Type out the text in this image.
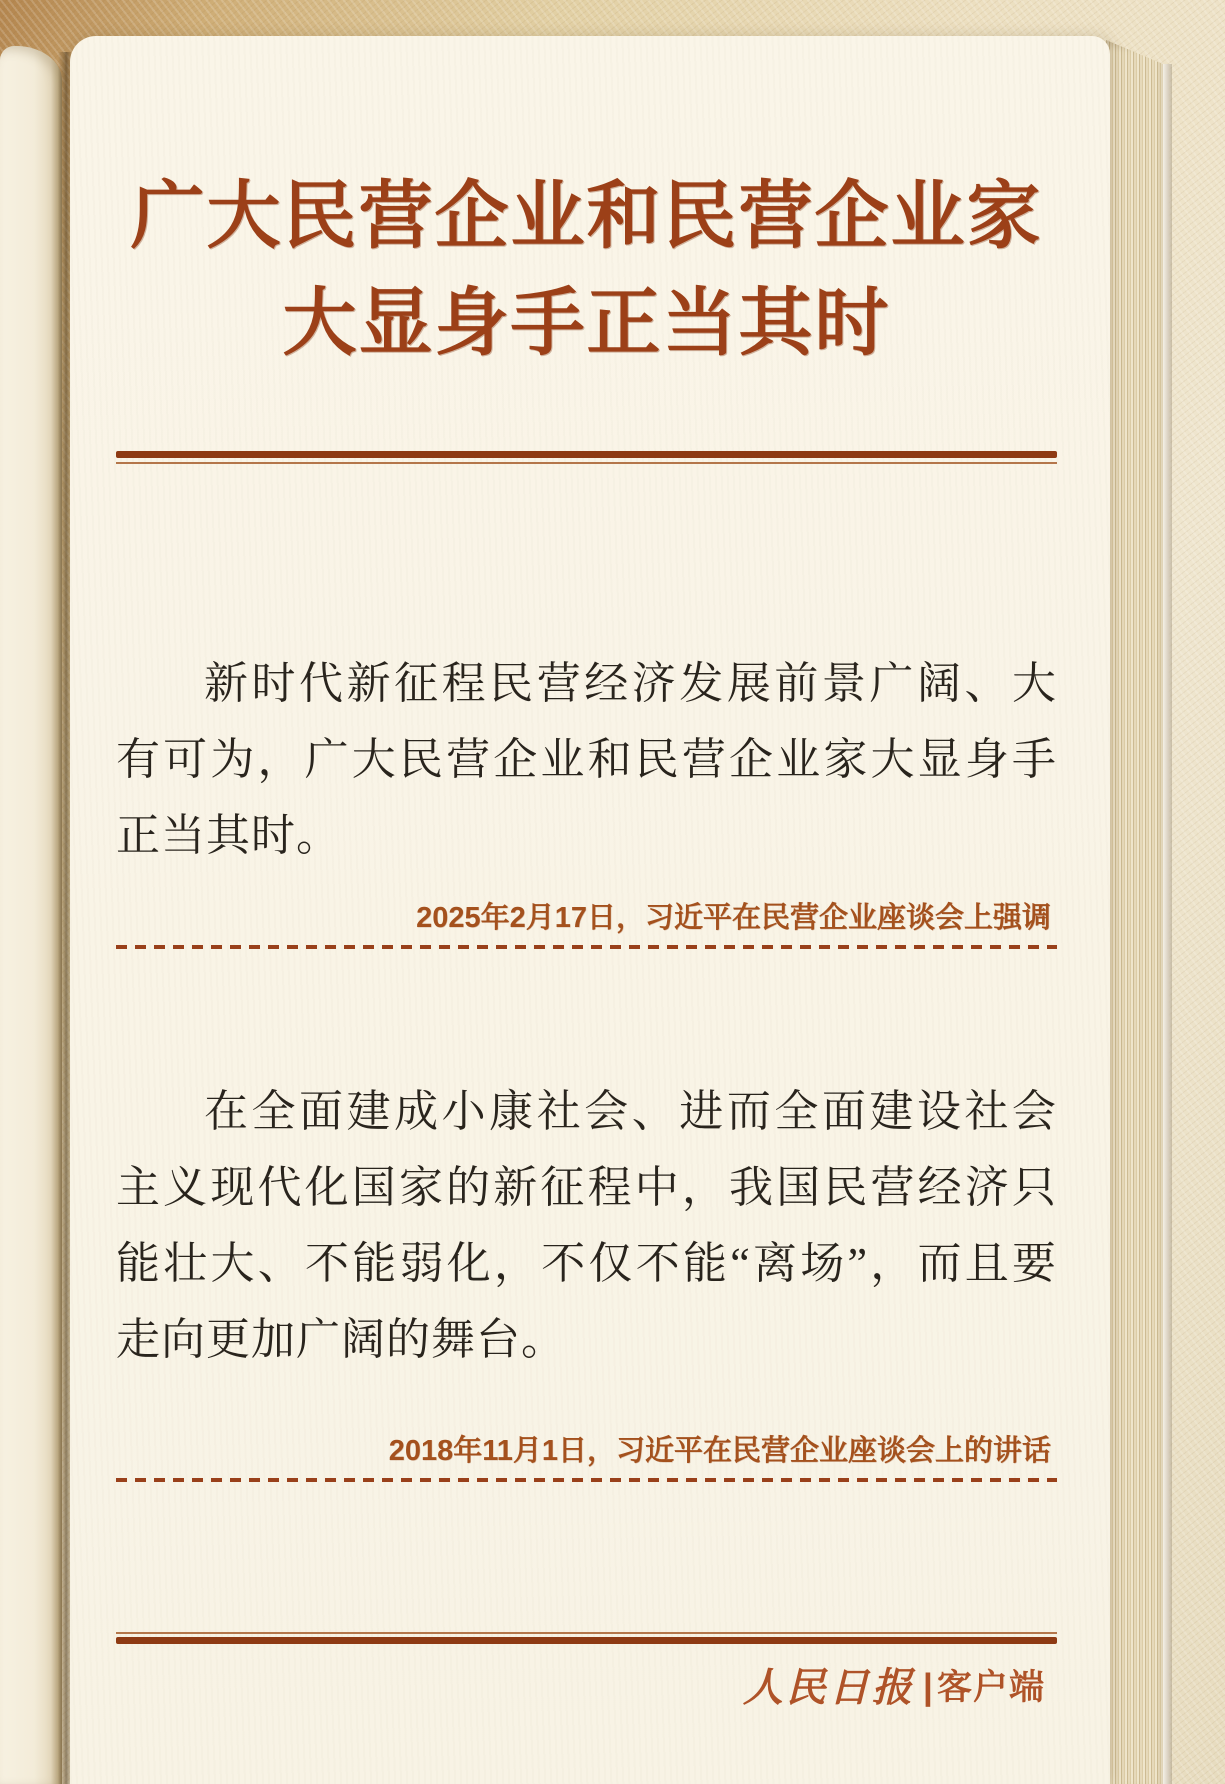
广大民营企业和民营企业家
大显身手正当其时

新时代新征程民营经济发展前景广阔、大有可为，广大民营企业和民营企业家大显身手正当其时。

2025年2月17日，习近平在民营企业座谈会上强调

在全面建成小康社会、进而全面建设社会主义现代化国家的新征程中，我国民营经济只能壮大、不能弱化，不仅不能“离场”，而且要走向更加广阔的舞台。

2018年11月1日，习近平在民营企业座谈会上的讲话

人民日报 | 客户端
